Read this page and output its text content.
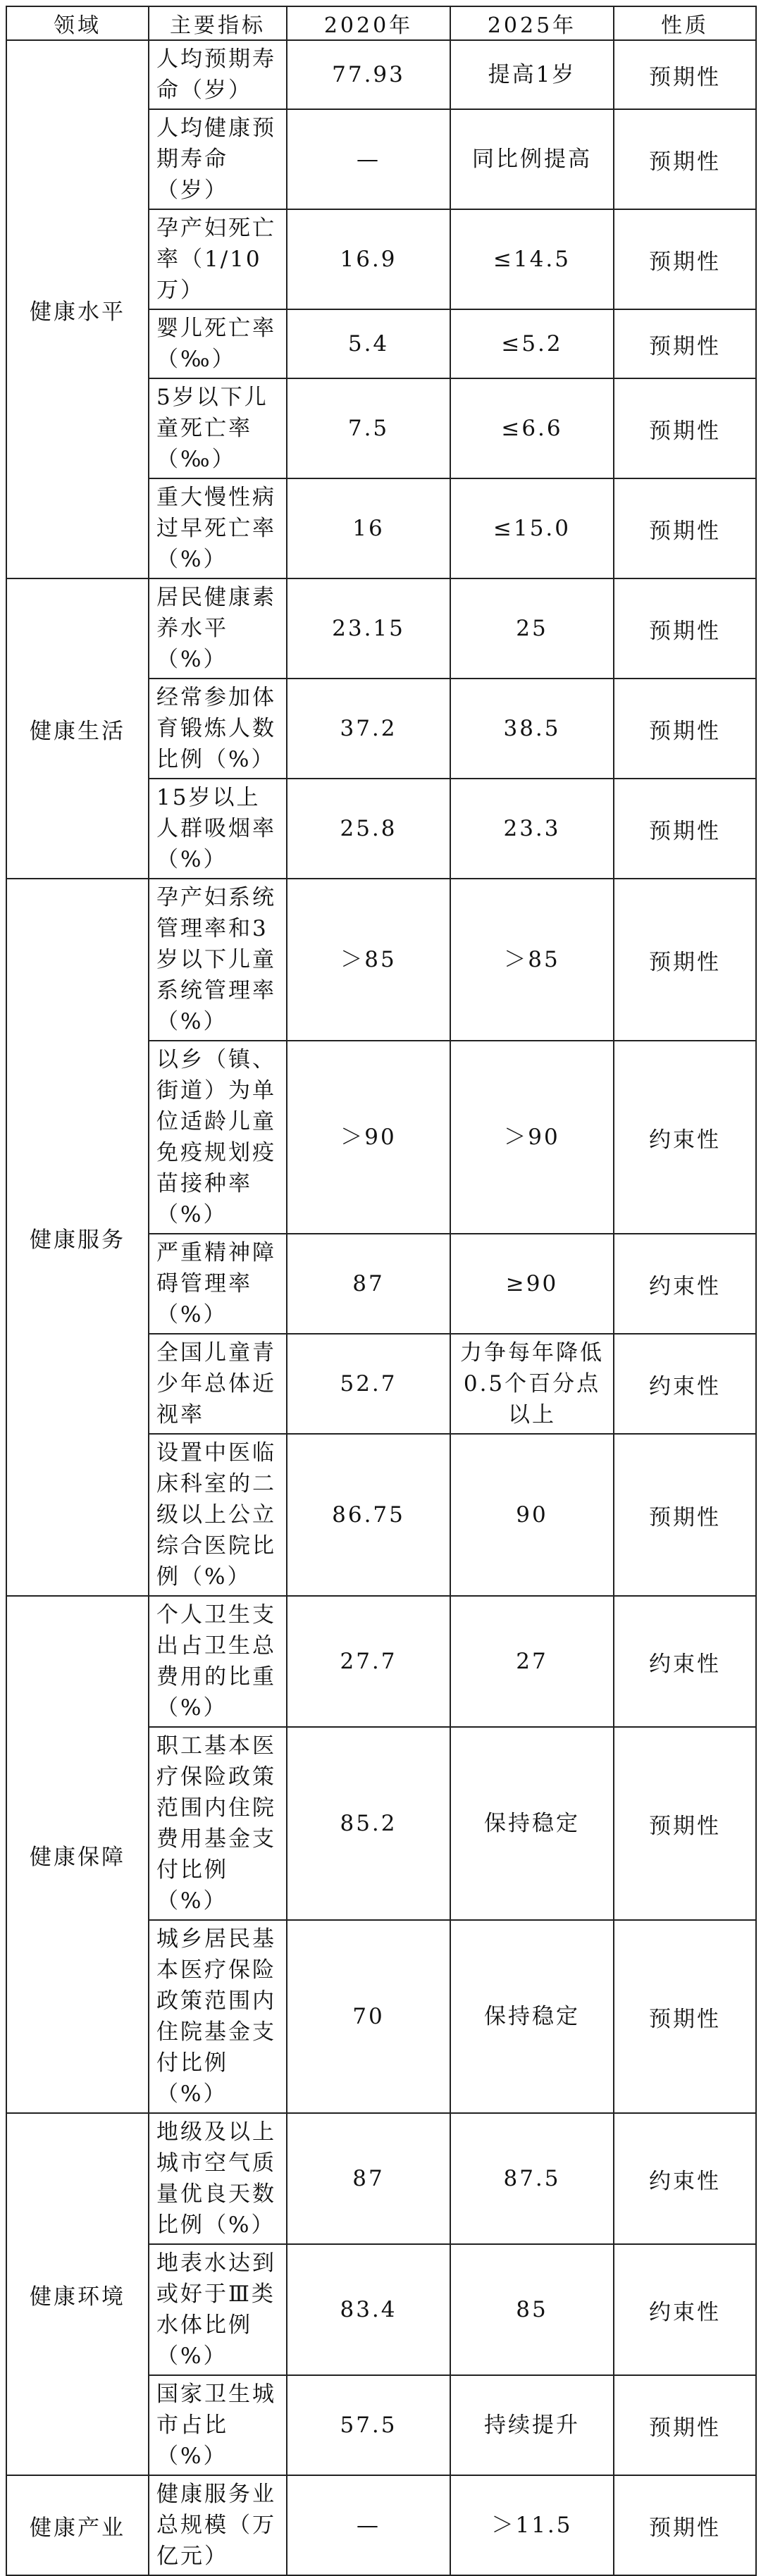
领域	主要指标	2020年	2025年	性质
健康水平	人均预期寿命（岁）	77.93	提高1岁	预期性
	人均健康预期寿命（岁）	—	同比例提高	预期性
	孕产妇死亡率（1/10万）	16.9	≤14.5	预期性
	婴儿死亡率（‰）	5.4	≤5.2	预期性
	5岁以下儿童死亡率（‰）	7.5	≤6.6	预期性
	重大慢性病过早死亡率（%）	16	≤15.0	预期性
健康生活	居民健康素养水平（%）	23.15	25	预期性
	经常参加体育锻炼人数比例（%）	37.2	38.5	预期性
	15岁以上人群吸烟率（%）	25.8	23.3	预期性
健康服务	孕产妇系统管理率和3岁以下儿童系统管理率（%）	＞85	＞85	预期性
	以乡（镇、街道）为单位适龄儿童免疫规划疫苗接种率（%）	＞90	＞90	约束性
	严重精神障碍管理率（%）	87	≥90	约束性
	全国儿童青少年总体近视率	52.7	力争每年降低0.5个百分点以上	约束性
	设置中医临床科室的二级以上公立综合医院比例（%）	86.75	90	预期性
健康保障	个人卫生支出占卫生总费用的比重（%）	27.7	27	约束性
	职工基本医疗保险政策范围内住院费用基金支付比例（%）	85.2	保持稳定	预期性
	城乡居民基本医疗保险政策范围内住院基金支付比例（%）	70	保持稳定	预期性
健康环境	地级及以上城市空气质量优良天数比例（%）	87	87.5	约束性
	地表水达到或好于Ⅲ类水体比例（%）	83.4	85	约束性
	国家卫生城市占比（%）	57.5	持续提升	预期性
健康产业	健康服务业总规模（万亿元）	—	＞11.5	预期性
